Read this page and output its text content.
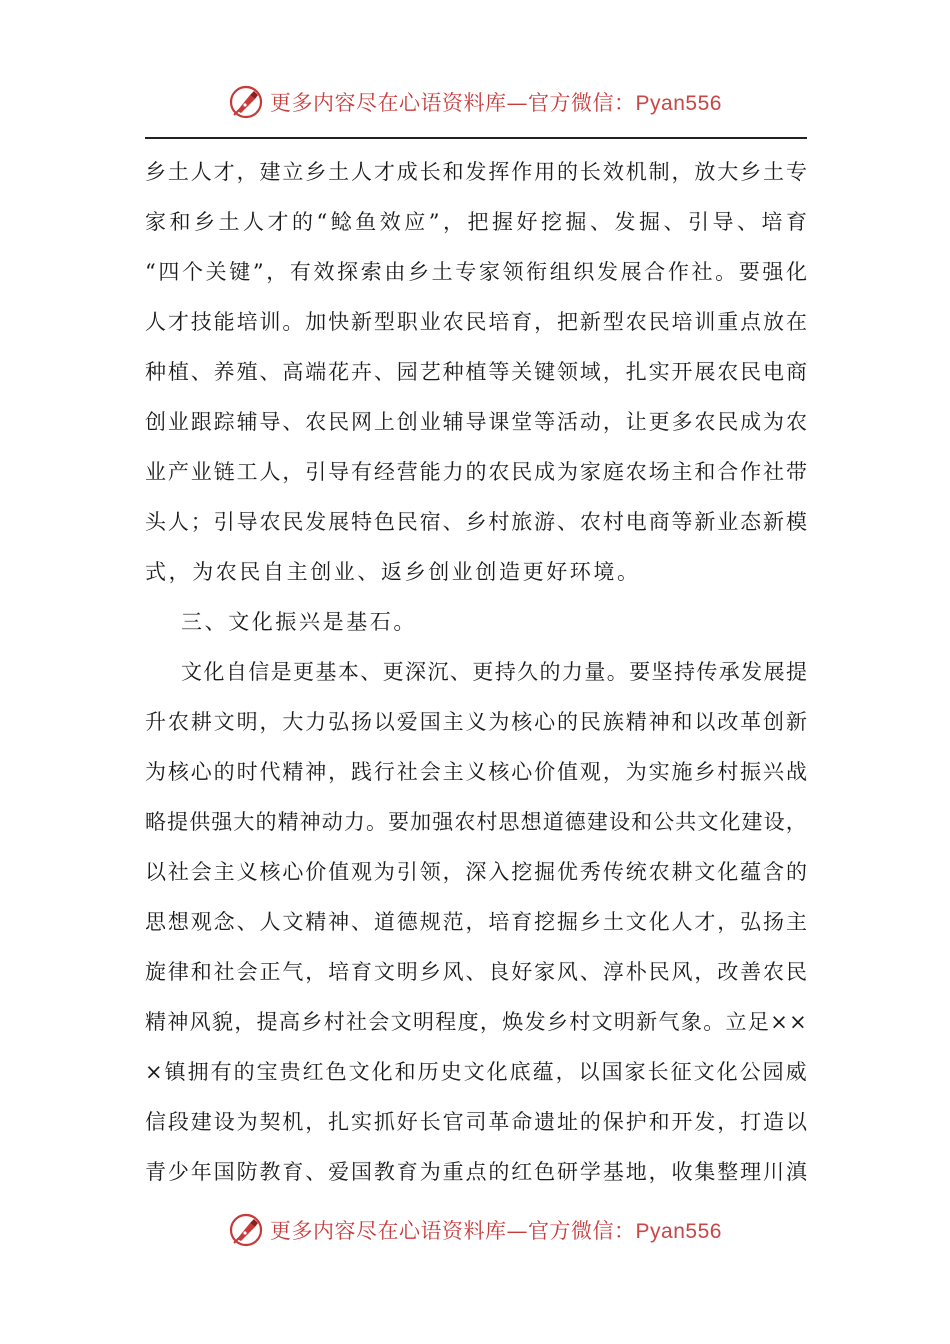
更多内容尽在心语资料库—官方微信：Pyan556
乡 土 人 才 ， 建 立 乡 土 人 才 成 长 和 发 挥 作 用 的 长 效 机 制 ， 放 大 乡 土 专
家 和 乡 土 人 才 的 “ 鲶 鱼 效 应 ” ， 把 握 好 挖 掘 、 发 掘 、 引 导 、 培 育
“ 四 个 关 键 ” ， 有 效 探 索 由 乡 土 专 家 领 衔 组 织 发 展 合 作 社 。 要 强 化
人 才 技 能 培 训 。 加 快 新 型 职 业 农 民 培 育 ， 把 新 型 农 民 培 训 重 点 放 在
种 植 、 养 殖 、 高 端 花 卉 、 园 艺 种 植 等 关 键 领 域 ， 扎 实 开 展 农 民 电 商
创 业 跟 踪 辅 导 、 农 民 网 上 创 业 辅 导 课 堂 等 活 动 ， 让 更 多 农 民 成 为 农
业 产 业 链 工 人 ， 引 导 有 经 营 能 力 的 农 民 成 为 家 庭 农 场 主 和 合 作 社 带
头 人 ； 引 导 农 民 发 展 特 色 民 宿 、 乡 村 旅 游 、 农 村 电 商 等 新 业 态 新 模
式，为农民自主创业、返乡创业创造更好环境。
三、文化振兴是基石。
文 化 自 信 是 更 基 本 、 更 深 沉 、 更 持 久 的 力 量 。 要 坚 持 传 承 发 展 提
升 农 耕 文 明 ， 大 力 弘 扬 以 爱 国 主 义 为 核 心 的 民 族 精 神 和 以 改 革 创 新
为 核 心 的 时 代 精 神 ， 践 行 社 会 主 义 核 心 价 值 观 ， 为 实 施 乡 村 振 兴 战
略 提 供 强 大 的 精 神 动 力 。 要 加 强 农 村 思 想 道 德 建 设 和 公 共 文 化 建 设 ，
以 社 会 主 义 核 心 价 值 观 为 引 领 ， 深 入 挖 掘 优 秀 传 统 农 耕 文 化 蕴 含 的
思 想 观 念 、 人 文 精 神 、 道 德 规 范 ， 培 育 挖 掘 乡 土 文 化 人 才 ， 弘 扬 主
旋 律 和 社 会 正 气 ， 培 育 文 明 乡 风 、 良 好 家 风 、 淳 朴 民 风 ， 改 善 农 民
精 神 风 貌 ， 提 高 乡 村 社 会 文 明 程 度 ， 焕 发 乡 村 文 明 新 气 象 。 立 足 × ×
× 镇 拥 有 的 宝 贵 红 色 文 化 和 历 史 文 化 底 蕴 ， 以 国 家 长 征 文 化 公 园 威
信 段 建 设 为 契 机 ， 扎 实 抓 好 长 官 司 革 命 遗 址 的 保 护 和 开 发 ， 打 造 以
青 少 年 国 防 教 育 、 爱 国 教 育 为 重 点 的 红 色 研 学 基 地 ， 收 集 整 理 川 滇
更多内容尽在心语资料库—官方微信：Pyan556
